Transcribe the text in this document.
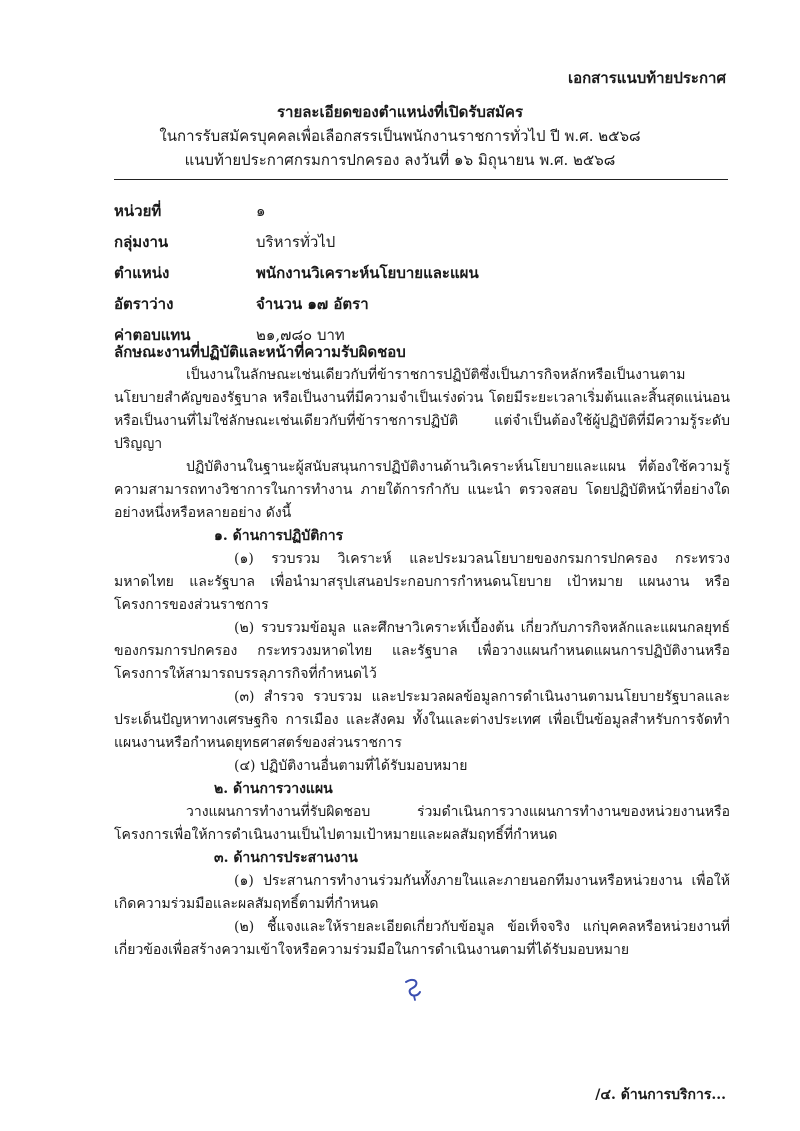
เอกสารแนบท้ายประกาศ
รายละเอียดของตำแหน่งที่เปิดรับสมัคร
ในการรับสมัครบุคคลเพื่อเลือกสรรเป็นพนักงานราชการทั่วไป ปี พ.ศ. ๒๕๖๘
แนบท้ายประกาศกรมการปกครอง ลงวันที่ ๑๖ มิถุนายน พ.ศ. ๒๕๖๘
หน่วยที่	๑
กลุ่มงาน	บริหารทั่วไป
ตำแหน่ง	พนักงานวิเคราะห์นโยบายและแผน
อัตราว่าง	จำนวน ๑๗ อัตรา
ค่าตอบแทน	๒๑,๗๘๐ บาท
ลักษณะงานที่ปฏิบัติและหน้าที่ความรับผิดชอบ

เป็นงานในลักษณะเช่นเดียวกับที่ข้าราชการปฏิบัติซึ่งเป็นภารกิจหลักหรือเป็นงานตามนโยบายสำคัญของรัฐบาล หรือเป็นงานที่มีความจำเป็นเร่งด่วน โดยมีระยะเวลาเริ่มต้นและสิ้นสุดแน่นอน หรือเป็นงานที่ไม่ใช่ลักษณะเช่นเดียวกับที่ข้าราชการปฏิบัติ แต่จำเป็นต้องใช้ผู้ปฏิบัติที่มีความรู้ระดับปริญญา

ปฏิบัติงานในฐานะผู้สนับสนุนการปฏิบัติงานด้านวิเคราะห์นโยบายและแผน ที่ต้องใช้ความรู้ความสามารถทางวิชาการในการทำงาน ภายใต้การกำกับ แนะนำ ตรวจสอบ โดยปฏิบัติหน้าที่อย่างใดอย่างหนึ่งหรือหลายอย่าง ดังนี้

๑. ด้านการปฏิบัติการ

(๑) รวบรวม วิเคราะห์ และประมวลนโยบายของกรมการปกครอง กระทรวงมหาดไทย และรัฐบาล เพื่อนำมาสรุปเสนอประกอบการกำหนดนโยบาย เป้าหมาย แผนงาน หรือโครงการของส่วนราชการ

(๒) รวบรวมข้อมูล และศึกษาวิเคราะห์เบื้องต้น เกี่ยวกับภารกิจหลักและแผนกลยุทธ์ของกรมการปกครอง กระทรวงมหาดไทย และรัฐบาล เพื่อวางแผนกำหนดแผนการปฏิบัติงานหรือโครงการให้สามารถบรรลุภารกิจที่กำหนดไว้

(๓) สำรวจ รวบรวม และประมวลผลข้อมูลการดำเนินงานตามนโยบายรัฐบาลและประเด็นปัญหาทางเศรษฐกิจ การเมือง และสังคม ทั้งในและต่างประเทศ เพื่อเป็นข้อมูลสำหรับการจัดทำแผนงานหรือกำหนดยุทธศาสตร์ของส่วนราชการ

(๔) ปฏิบัติงานอื่นตามที่ได้รับมอบหมาย

๒. ด้านการวางแผน

วางแผนการทำงานที่รับผิดชอบ ร่วมดำเนินการวางแผนการทำงานของหน่วยงานหรือโครงการเพื่อให้การดำเนินงานเป็นไปตามเป้าหมายและผลสัมฤทธิ์ที่กำหนด

๓. ด้านการประสานงาน

(๑) ประสานการทำงานร่วมกันทั้งภายในและภายนอกทีมงานหรือหน่วยงาน เพื่อให้เกิดความร่วมมือและผลสัมฤทธิ์ตามที่กำหนด

(๒) ชี้แจงและให้รายละเอียดเกี่ยวกับข้อมูล ข้อเท็จจริง แก่บุคคลหรือหน่วยงานที่เกี่ยวข้องเพื่อสร้างความเข้าใจหรือความร่วมมือในการดำเนินงานตามที่ได้รับมอบหมาย

/๔. ด้านการบริการ...
